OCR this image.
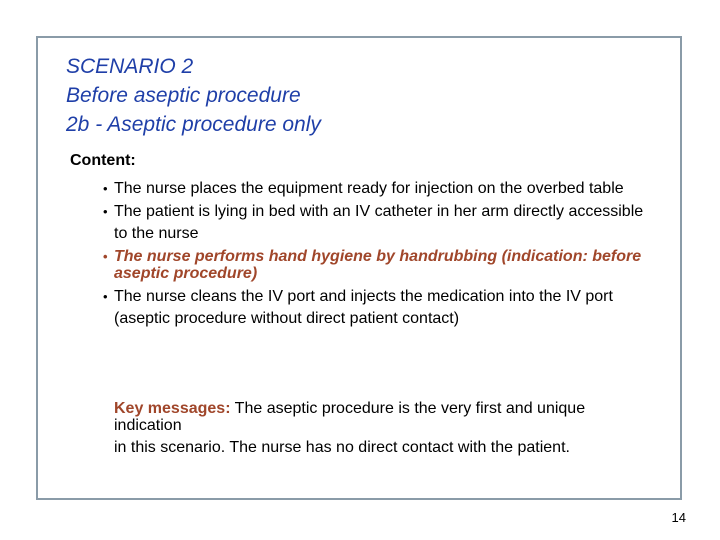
SCENARIO 2
Before aseptic procedure
2b - Aseptic procedure only

Content:

• The nurse places the equipment ready for injection on the overbed table
• The patient is lying in bed with an IV catheter in her arm directly accessible
to the nurse
• The nurse performs hand hygiene by handrubbing (indication: before aseptic procedure)
• The nurse cleans the IV port and injects the medication into the IV port
(aseptic procedure without direct patient contact)

Key messages: The aseptic procedure is the very first and unique indication
in this scenario. The nurse has no direct contact with the patient.

14
